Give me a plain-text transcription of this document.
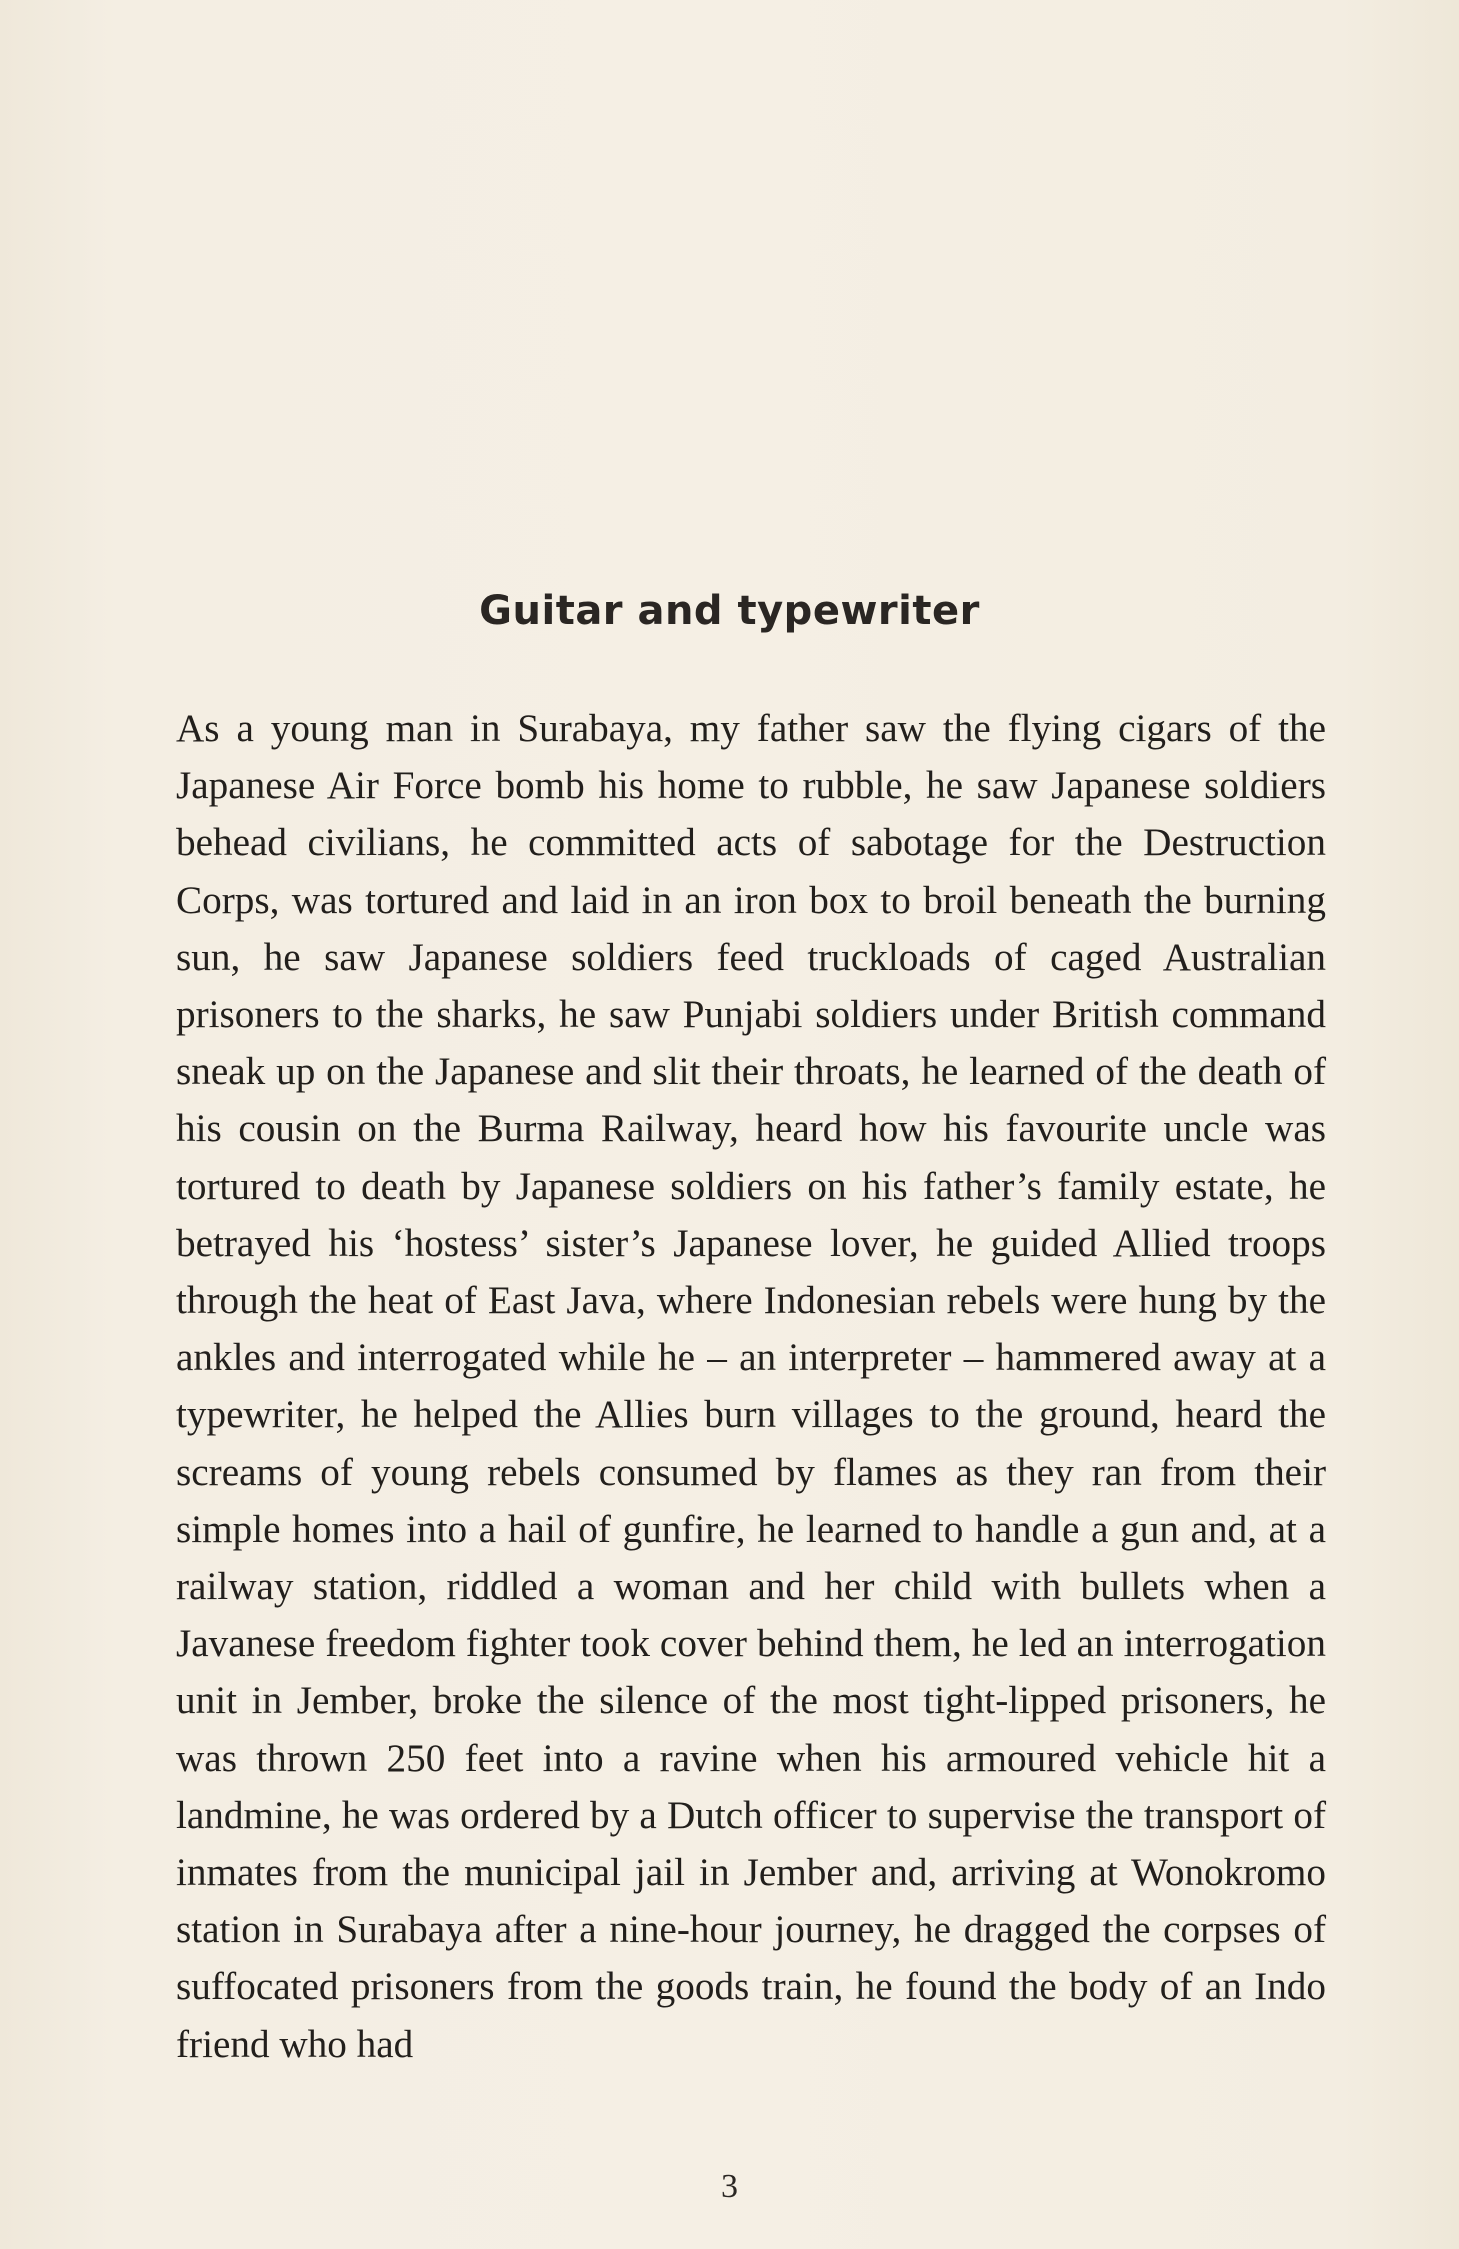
Guitar and typewriter

As a young man in Surabaya, my father saw the flying cigars of the Japanese Air Force bomb his home to rubble, he saw Japanese soldiers behead civilians, he committed acts of sabotage for the Destruction Corps, was tortured and laid in an iron box to broil beneath the burning sun, he saw Japanese soldiers feed truckloads of caged Australian prisoners to the sharks, he saw Punjabi soldiers under British command sneak up on the Japanese and slit their throats, he learned of the death of his cousin on the Burma Railway, heard how his favourite uncle was tortured to death by Japanese soldiers on his father’s family estate, he betrayed his ‘hostess’ sister’s Japanese lover, he guided Allied troops through the heat of East Java, where Indonesian rebels were hung by the ankles and interrogated while he – an interpreter – hammered away at a typewriter, he helped the Allies burn villages to the ground, heard the screams of young rebels consumed by flames as they ran from their simple homes into a hail of gunfire, he learned to handle a gun and, at a railway station, riddled a woman and her child with bullets when a Javanese freedom fighter took cover behind them, he led an interrogation unit in Jember, broke the silence of the most tight-lipped prisoners, he was thrown 250 feet into a ravine when his armoured vehicle hit a landmine, he was ordered by a Dutch officer to supervise the transport of inmates from the municipal jail in Jember and, arriving at Wonokromo station in Surabaya after a nine-hour journey, he dragged the corpses of suffocated prisoners from the goods train, he found the body of an Indo friend who had

3
